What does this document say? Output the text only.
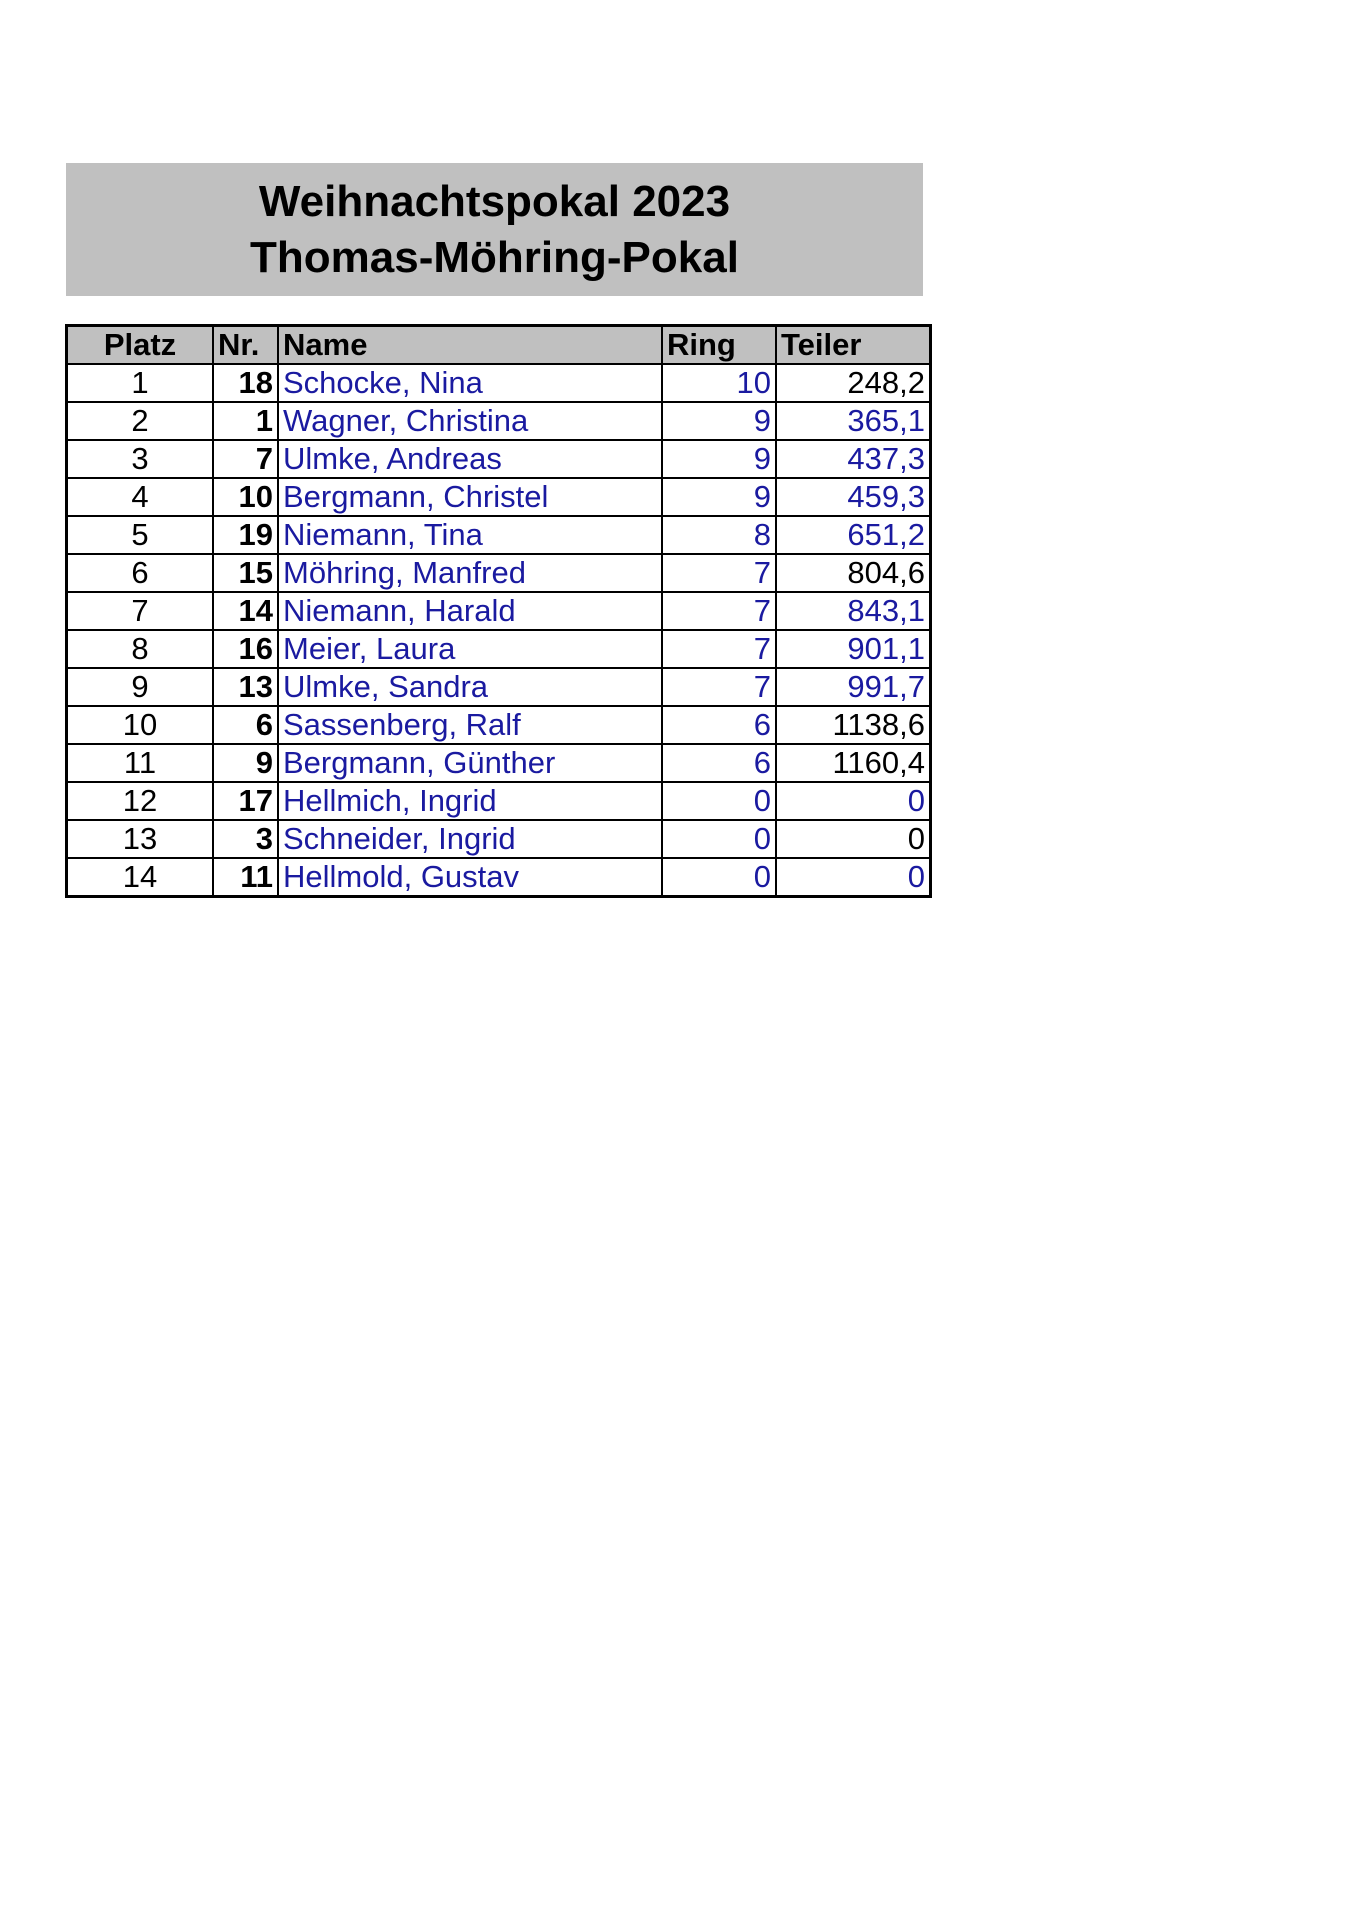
Weihnachtspokal 2023
Thomas-Möhring-Pokal
Platz	Nr.	Name	Ring	Teiler
1	18	Schocke, Nina	10	248,2
2	1	Wagner, Christina	9	365,1
3	7	Ulmke, Andreas	9	437,3
4	10	Bergmann, Christel	9	459,3
5	19	Niemann, Tina	8	651,2
6	15	Möhring, Manfred	7	804,6
7	14	Niemann, Harald	7	843,1
8	16	Meier, Laura	7	901,1
9	13	Ulmke, Sandra	7	991,7
10	6	Sassenberg, Ralf	6	1138,6
11	9	Bergmann, Günther	6	1160,4
12	17	Hellmich, Ingrid	0	0
13	3	Schneider, Ingrid	0	0
14	11	Hellmold, Gustav	0	0
